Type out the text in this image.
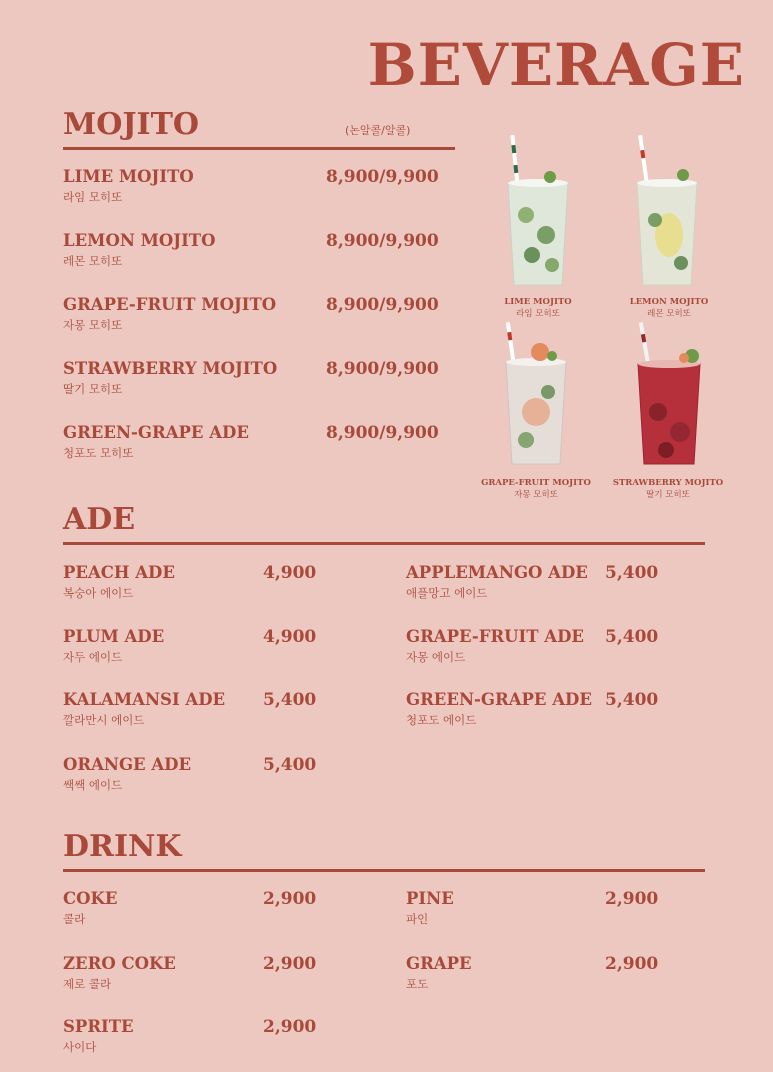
BEVERAGE
MOJITO	(논알콜/알콜)
LIME MOJITO
라임 모히또
8,900/9,900
LEMON MOJITO
레몬 모히또
8,900/9,900
GRAPE-FRUIT MOJITO
자몽 모히또
8,900/9,900
STRAWBERRY MOJITO
딸기 모히또
8,900/9,900
GREEN-GRAPE ADE
청포도 모히또
8,900/9,900
LIME MOJITO
라임 모히또
LEMON MOJITO
레몬 모히또
GRAPE-FRUIT MOJITO
자몽 모히또
STRAWBERRY MOJITO
딸기 모히또
ADE
PEACH ADE
복숭아 에이드
4,900
PLUM ADE
자두 에이드
4,900
KALAMANSI ADE
깔라만시 에이드
5,400
ORANGE ADE
쌕쌕 에이드
5,400
APPLEMANGO ADE
애플망고 에이드
5,400
GRAPE-FRUIT ADE
자몽 에이드
5,400
GREEN-GRAPE ADE
청포도 에이드
5,400
DRINK
COKE
콜라
2,900
ZERO COKE
제로 콜라
2,900
SPRITE
사이다
2,900
PINE
파인
2,900
GRAPE
포도
2,900
